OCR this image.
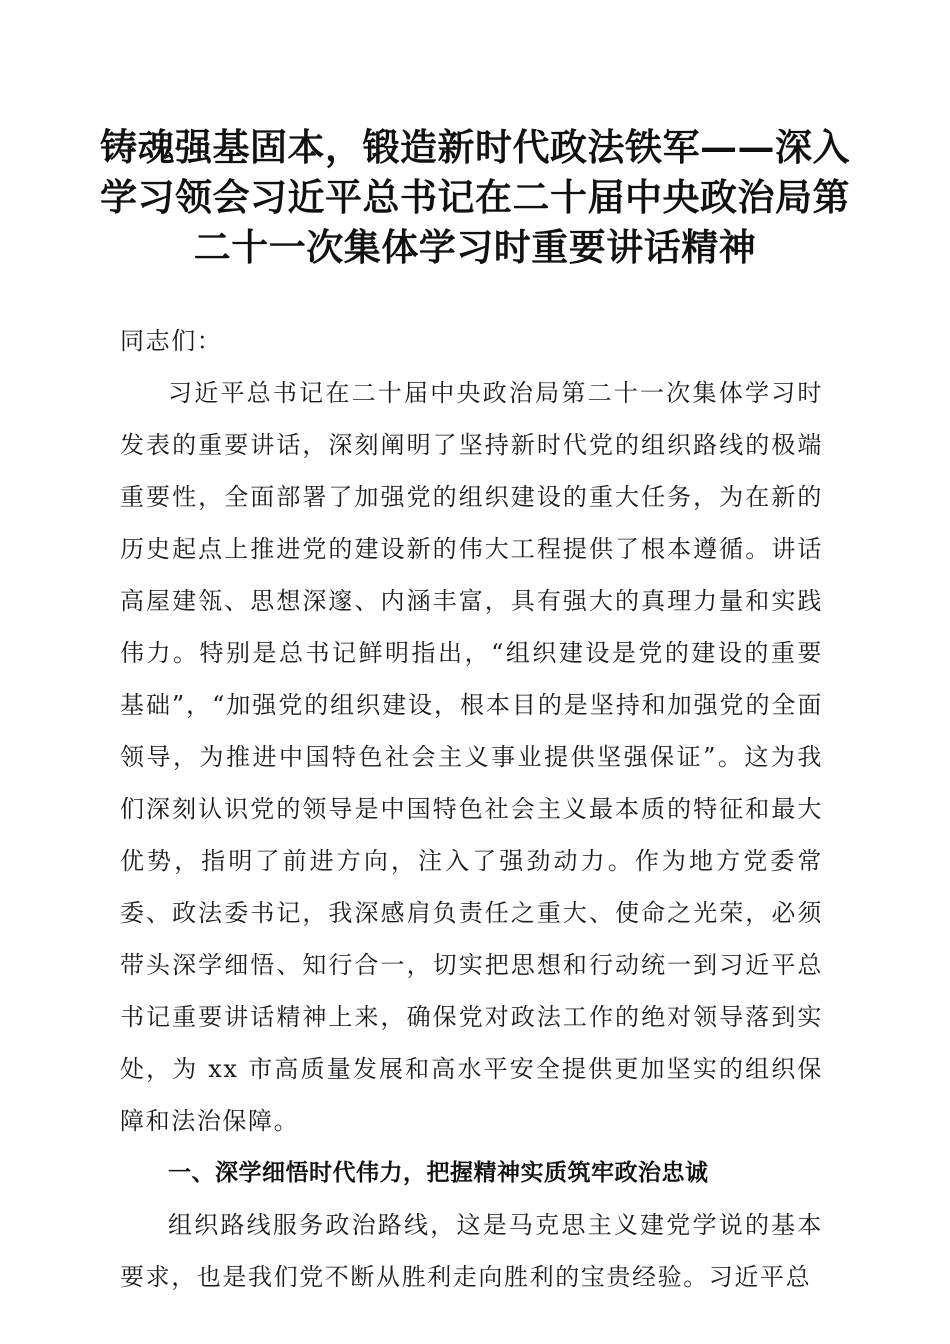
铸魂强基固本，锻造新时代政法铁军——深入学习领会习近平总书记在二十届中央政治局第二十一次集体学习时重要讲话精神

同志们：

习近平总书记在二十届中央政治局第二十一次集体学习时发表的重要讲话，深刻阐明了坚持新时代党的组织路线的极端重要性，全面部署了加强党的组织建设的重大任务，为在新的历史起点上推进党的建设新的伟大工程提供了根本遵循。讲话高屋建瓴、思想深邃、内涵丰富，具有强大的真理力量和实践伟力。特别是总书记鲜明指出，“组织建设是党的建设的重要基础”，“加强党的组织建设，根本目的是坚持和加强党的全面领导，为推进中国特色社会主义事业提供坚强保证”。这为我们深刻认识党的领导是中国特色社会主义最本质的特征和最大优势，指明了前进方向，注入了强劲动力。作为地方党委常委、政法委书记，我深感肩负责任之重大、使命之光荣，必须带头深学细悟、知行合一，切实把思想和行动统一到习近平总书记重要讲话精神上来，确保党对政法工作的绝对领导落到实处，为 xx 市高质量发展和高水平安全提供更加坚实的组织保障和法治保障。

一、深学细悟时代伟力，把握精神实质筑牢政治忠诚

组织路线服务政治路线，这是马克思主义建党学说的基本要求，也是我们党不断从胜利走向胜利的宝贵经验。习近平总
